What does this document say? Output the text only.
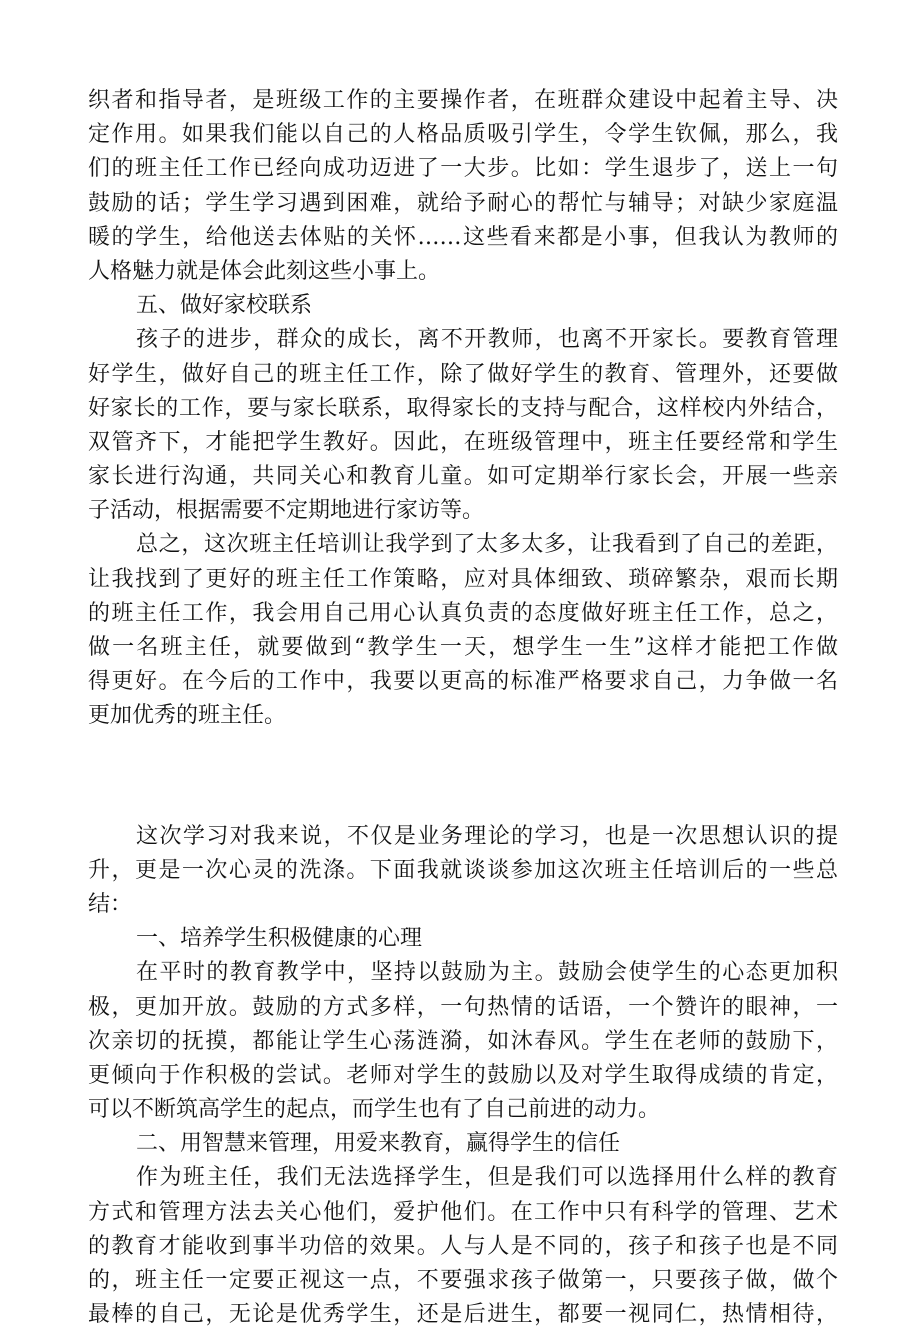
织者和指导者，是班级工作的主要操作者，在班群众建设中起着主导、决
定作用。如果我们能以自己的人格品质吸引学生，令学生钦佩，那么，我
们的班主任工作已经向成功迈进了一大步。比如：学生退步了，送上一句
鼓励的话；学生学习遇到困难，就给予耐心的帮忙与辅导；对缺少家庭温
暖的学生，给他送去体贴的关怀……这些看来都是小事，但我认为教师的
人格魅力就是体会此刻这些小事上。
五、做好家校联系
孩子的进步，群众的成长，离不开教师，也离不开家长。要教育管理
好学生，做好自己的班主任工作，除了做好学生的教育、管理外，还要做
好家长的工作，要与家长联系，取得家长的支持与配合，这样校内外结合，
双管齐下，才能把学生教好。因此，在班级管理中，班主任要经常和学生
家长进行沟通，共同关心和教育儿童。如可定期举行家长会，开展一些亲
子活动，根据需要不定期地进行家访等。
总之，这次班主任培训让我学到了太多太多，让我看到了自己的差距，
让我找到了更好的班主任工作策略，应对具体细致、琐碎繁杂，艰而长期
的班主任工作，我会用自己用心认真负责的态度做好班主任工作，总之，
做一名班主任，就要做到“教学生一天，想学生一生”这样才能把工作做
得更好。在今后的工作中，我要以更高的标准严格要求自己，力争做一名
更加优秀的班主任。
这次学习对我来说，不仅是业务理论的学习，也是一次思想认识的提
升，更是一次心灵的洗涤。下面我就谈谈参加这次班主任培训后的一些总
结：
一、培养学生积极健康的心理
在平时的教育教学中，坚持以鼓励为主。鼓励会使学生的心态更加积
极，更加开放。鼓励的方式多样，一句热情的话语，一个赞许的眼神，一
次亲切的抚摸，都能让学生心荡涟漪，如沐春风。学生在老师的鼓励下，
更倾向于作积极的尝试。老师对学生的鼓励以及对学生取得成绩的肯定，
可以不断筑高学生的起点，而学生也有了自己前进的动力。
二、用智慧来管理，用爱来教育，赢得学生的信任
作为班主任，我们无法选择学生，但是我们可以选择用什么样的教育
方式和管理方法去关心他们，爱护他们。在工作中只有科学的管理、艺术
的教育才能收到事半功倍的效果。人与人是不同的，孩子和孩子也是不同
的，班主任一定要正视这一点，不要强求孩子做第一，只要孩子做，做个
最棒的自己，无论是优秀学生，还是后进生，都要一视同仁，热情相待，
